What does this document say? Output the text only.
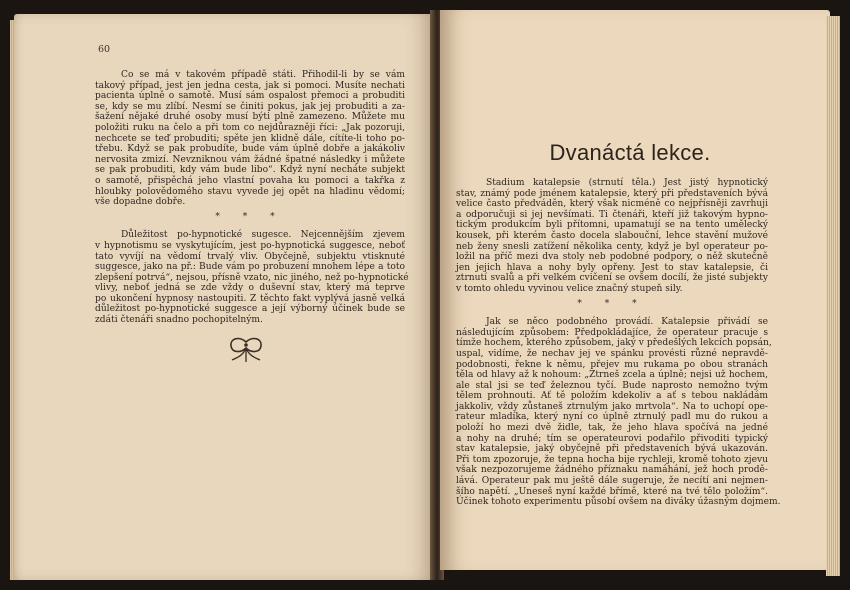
60
Co se má v takovém případě státi. Přihodil-li by se vám
takový případ, jest jen jedna cesta, jak si pomoci. Musíte nechati
pacienta úplně o samotě. Musí sám ospalost přemoci a probuditi
se, kdy se mu zlíbí. Nesmí se činiti pokus, jak jej probuditi a za-
šažení nějaké druhé osoby musí býti plně zamezeno. Můžete mu
položiti ruku na čelo a při tom co nejdůrazněji říci: „Jak pozoruji,
nechcete se teď probuditi; spěte jen klidně dále, cítíte-li toho po-
třebu. Když se pak probudíte, bude vám úplně dobře a jakákoliv
nervosita zmizí. Nevzniknou vám žádné špatné následky i můžete
se pak probuditi, kdy vám bude libo“. Když nyní necháte subjekt
o samotě, přispěchá jeho vlastní povaha ku pomoci a takřka z
hloubky polovědomého stavu vyvede jej opět na hladinu vědomí;
vše dopadne dobře.
* * *
Důležitost po-hypnotické sugesce. Nejcennějším zjevem
v hypnotismu se vyskytujícím, jest po-hypnotická suggesce, neboť
tato vyvíjí na vědomí trvalý vliv. Obyčejně, subjektu vtisknuté
suggesce, jako na př.: Bude vám po probuzení mnohem lépe a toto
zlepšení potrvá“, nejsou, přísně vzato, nic jiného, než po-hypnotické
vlivy, neboť jedná se zde vždy o duševní stav, který má teprve
po ukončení hypnosy nastoupiti. Z těchto fakt vyplývá jasně velká
důležitost po-hypnotické suggesce a její výborný účinek bude se
zdáti čtenáři snadno pochopitelným.
Dvanáctá lekce.
Stadium katalepsie (strnutí těla.) Jest jistý hypnotický
stav, známý pode jménem katalepsie, který při představeních bývá
velice často předváděn, který však nicméně co nejpřísněji zavrhuji
a odporučuji si jej nevšímati. Ti čtenáři, kteří již takovým hypno-
tickým produkcím byli přítomni, upamatují se na tento umělecký
kousek, při kterém často docela slabouční, lehce stavění mužové
neb ženy snesli zatížení několika centy, když je byl operateur po-
ložil na příč mezi dva stoly neb podobné podpory, o něž skutečně
jen jejich hlava a nohy byly opřeny. Jest to stav katalepsie, či
ztrnutí svalů a při velkém cvičení se ovšem docílí, že jisté subjekty
v tomto ohledu vyvinou velice značný stupeň sily.
* * *
Jak se něco podobného provádí. Katalepsie přivádí se
následujícím způsobem: Předpokládajíce, že operateur pracuje s
tímže hochem, kterého způsobem, jaký v předešlých lekcích popsán,
uspal, vidíme, že nechav jej ve spánku provésti různé nepravdě-
podobnosti, řekne k němu, přejev mu rukama po obou stranách
těla od hlavy až k nohoum: „Ztrneš zcela a úplně; nejsi už hochem,
ale stal jsi se teď železnou tyčí. Bude naprosto nemožno tvým
tělem prohnouti. Ať tě položím kdekoliv a ať s tebou nakládám
jakkoliv, vždy zůstaneš ztrnulým jako mrtvola“. Na to uchopí ope-
rateur mladíka, který nyní co úplně ztrnulý padl mu do rukou a
položí ho mezi dvě židle, tak, že jeho hlava spočívá na jedné
a nohy na druhé; tím se operateurovi podařilo přivoditi typický
stav katalepsie, jaký obyčejně při představeních bývá ukazován.
Při tom zpozoruje, že tepna hocha bije rychleji, kromě tohoto zjevu
však nezpozorujeme žádného příznaku namáhání, jež hoch prodě-
lává. Operateur pak mu ještě dále sugeruje, že necítí ani nejmen-
šího napětí. „Uneseš nyní každé břímě, které na tvé tělo položím“.
Účinek tohoto experimentu působí ovšem na diváky úžasným dojmem.
